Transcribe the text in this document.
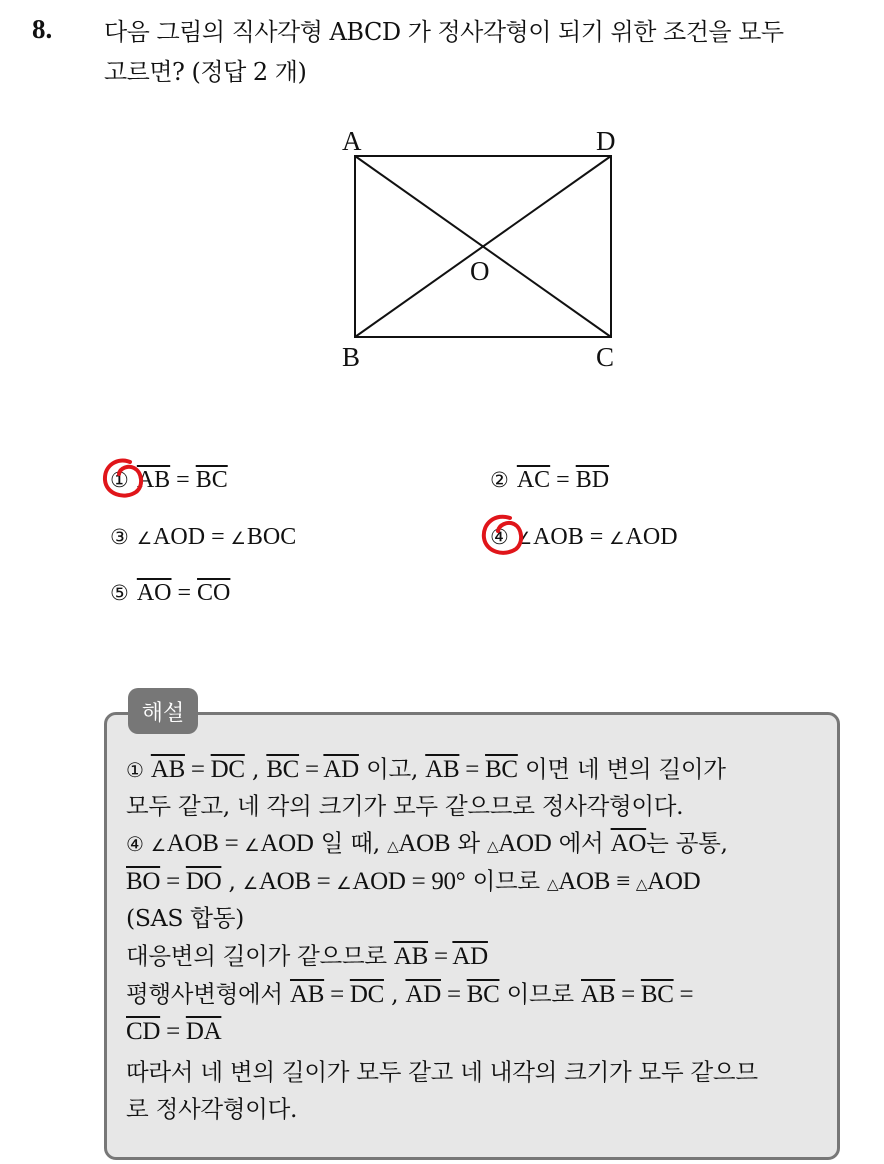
8. 다음 그림의 직사각형 ABCD 가 정사각형이 되기 위한 조건을 모두
고르면? (정답 2 개)
A	D
O
B	C
① $\overline{AB} = \overline{BC}$	② $\overline{AC} = \overline{BD}$
③ ∠AOD = ∠BOC	④ ∠AOB = ∠AOD
⑤ $\overline{AO} = \overline{CO}$
해설
① $\overline{AB} = \overline{DC}$ , $\overline{BC} = \overline{AD}$ 이고, $\overline{AB} = \overline{BC}$ 이면 네 변의 길이가
모두 같고, 네 각의 크기가 모두 같으므로 정사각형이다.
④ ∠AOB = ∠AOD 일 때, △AOB 와 △AOD 에서 $\overline{AO}$는 공통,
$\overline{BO} = \overline{DO}$ , ∠AOB = ∠AOD = 90° 이므로 △AOB ≡ △AOD
(SAS 합동)
대응변의 길이가 같으므로 $\overline{AB} = \overline{AD}$
평행사변형에서 $\overline{AB} = \overline{DC}$ , $\overline{AD} = \overline{BC}$ 이므로 $\overline{AB} = \overline{BC}$ =
$\overline{CD} = \overline{DA}$
따라서 네 변의 길이가 모두 같고 네 내각의 크기가 모두 같으므
로 정사각형이다.
